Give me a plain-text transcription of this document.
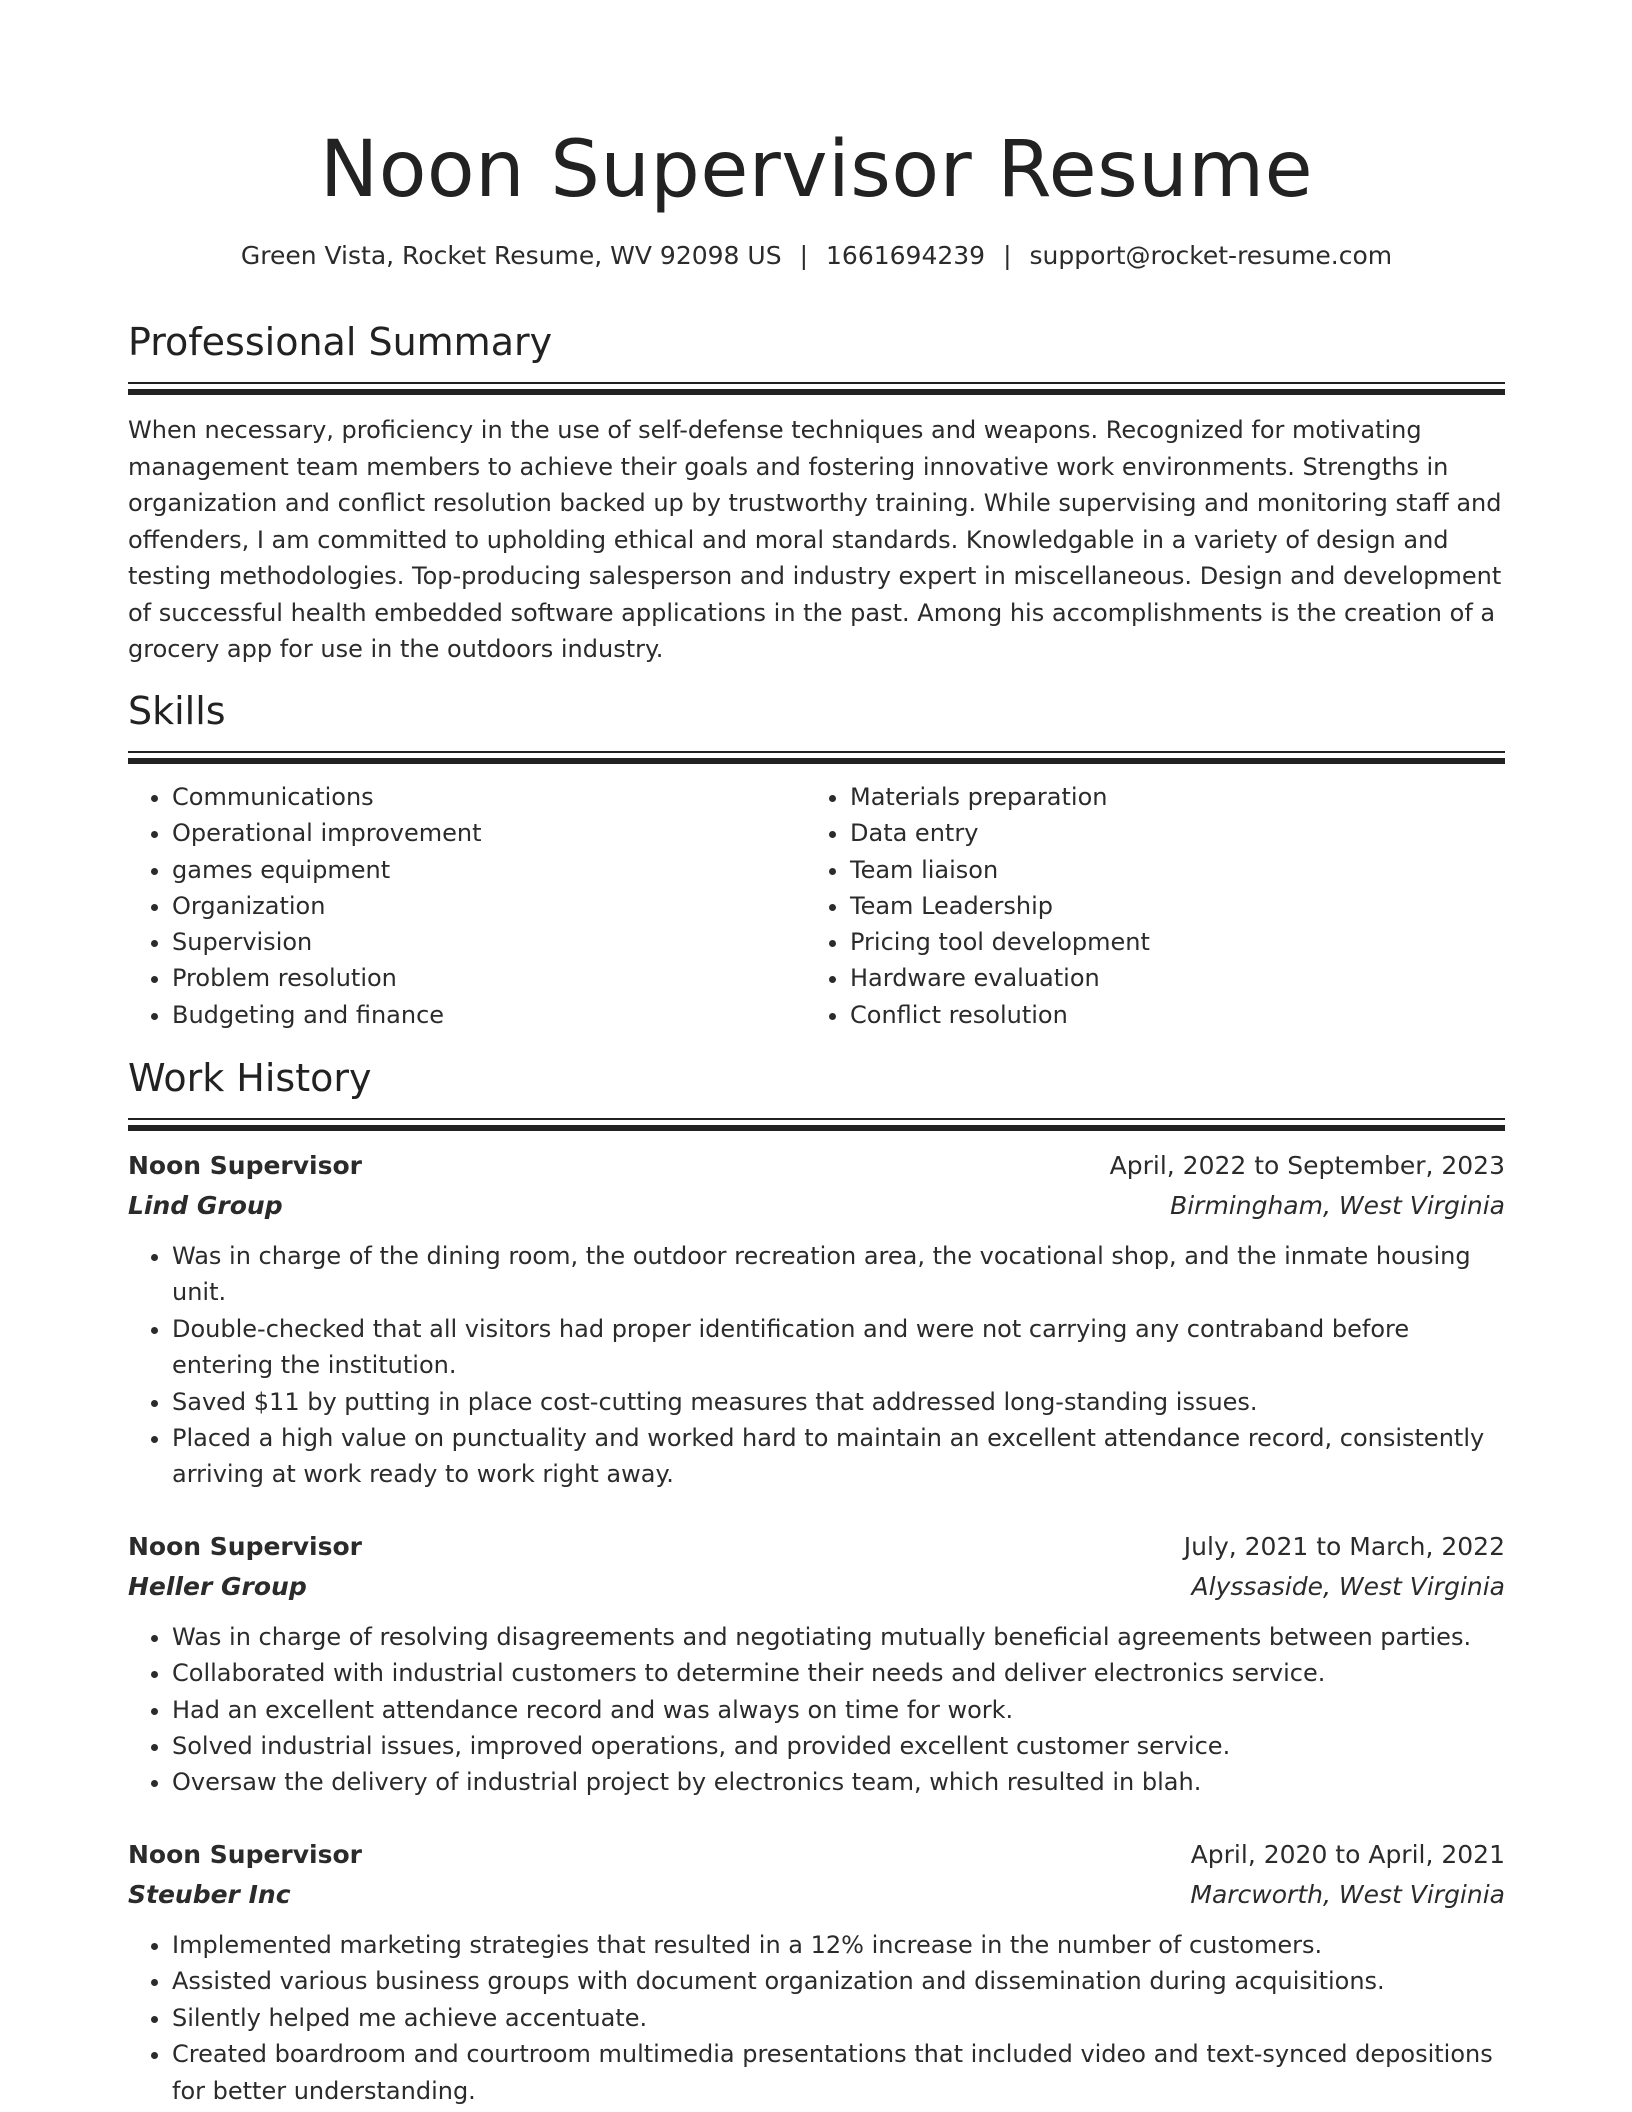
Noon Supervisor Resume
Green Vista, Rocket Resume, WV 92098 US | 1661694239 | support@rocket-resume.com
Professional Summary

When necessary, proficiency in the use of self-defense techniques and weapons. Recognized for motivating management team members to achieve their goals and fostering innovative work environments. Strengths in organization and conflict resolution backed up by trustworthy training. While supervising and monitoring staff and offenders, I am committed to upholding ethical and moral standards. Knowledgable in a variety of design and testing methodologies. Top-producing salesperson and industry expert in miscellaneous. Design and development of successful health embedded software applications in the past. Among his accomplishments is the creation of a grocery app for use in the outdoors industry.

Skills
• Communications
• Operational improvement
• games equipment
• Organization
• Supervision
• Problem resolution
• Budgeting and finance
• Materials preparation
• Data entry
• Team liaison
• Team Leadership
• Pricing tool development
• Hardware evaluation
• Conflict resolution
Work History
Noon Supervisor	April, 2022 to September, 2023
Lind Group	Birmingham, West Virginia
• Was in charge of the dining room, the outdoor recreation area, the vocational shop, and the inmate housing unit.
• Double-checked that all visitors had proper identification and were not carrying any contraband before entering the institution.
• Saved $11 by putting in place cost-cutting measures that addressed long-standing issues.
• Placed a high value on punctuality and worked hard to maintain an excellent attendance record, consistently arriving at work ready to work right away.
Noon Supervisor	July, 2021 to March, 2022
Heller Group	Alyssaside, West Virginia
• Was in charge of resolving disagreements and negotiating mutually beneficial agreements between parties.
• Collaborated with industrial customers to determine their needs and deliver electronics service.
• Had an excellent attendance record and was always on time for work.
• Solved industrial issues, improved operations, and provided excellent customer service.
• Oversaw the delivery of industrial project by electronics team, which resulted in blah.
Noon Supervisor	April, 2020 to April, 2021
Steuber Inc	Marcworth, West Virginia
• Implemented marketing strategies that resulted in a 12% increase in the number of customers.
• Assisted various business groups with document organization and dissemination during acquisitions.
• Silently helped me achieve accentuate.
• Created boardroom and courtroom multimedia presentations that included video and text-synced depositions for better understanding.
